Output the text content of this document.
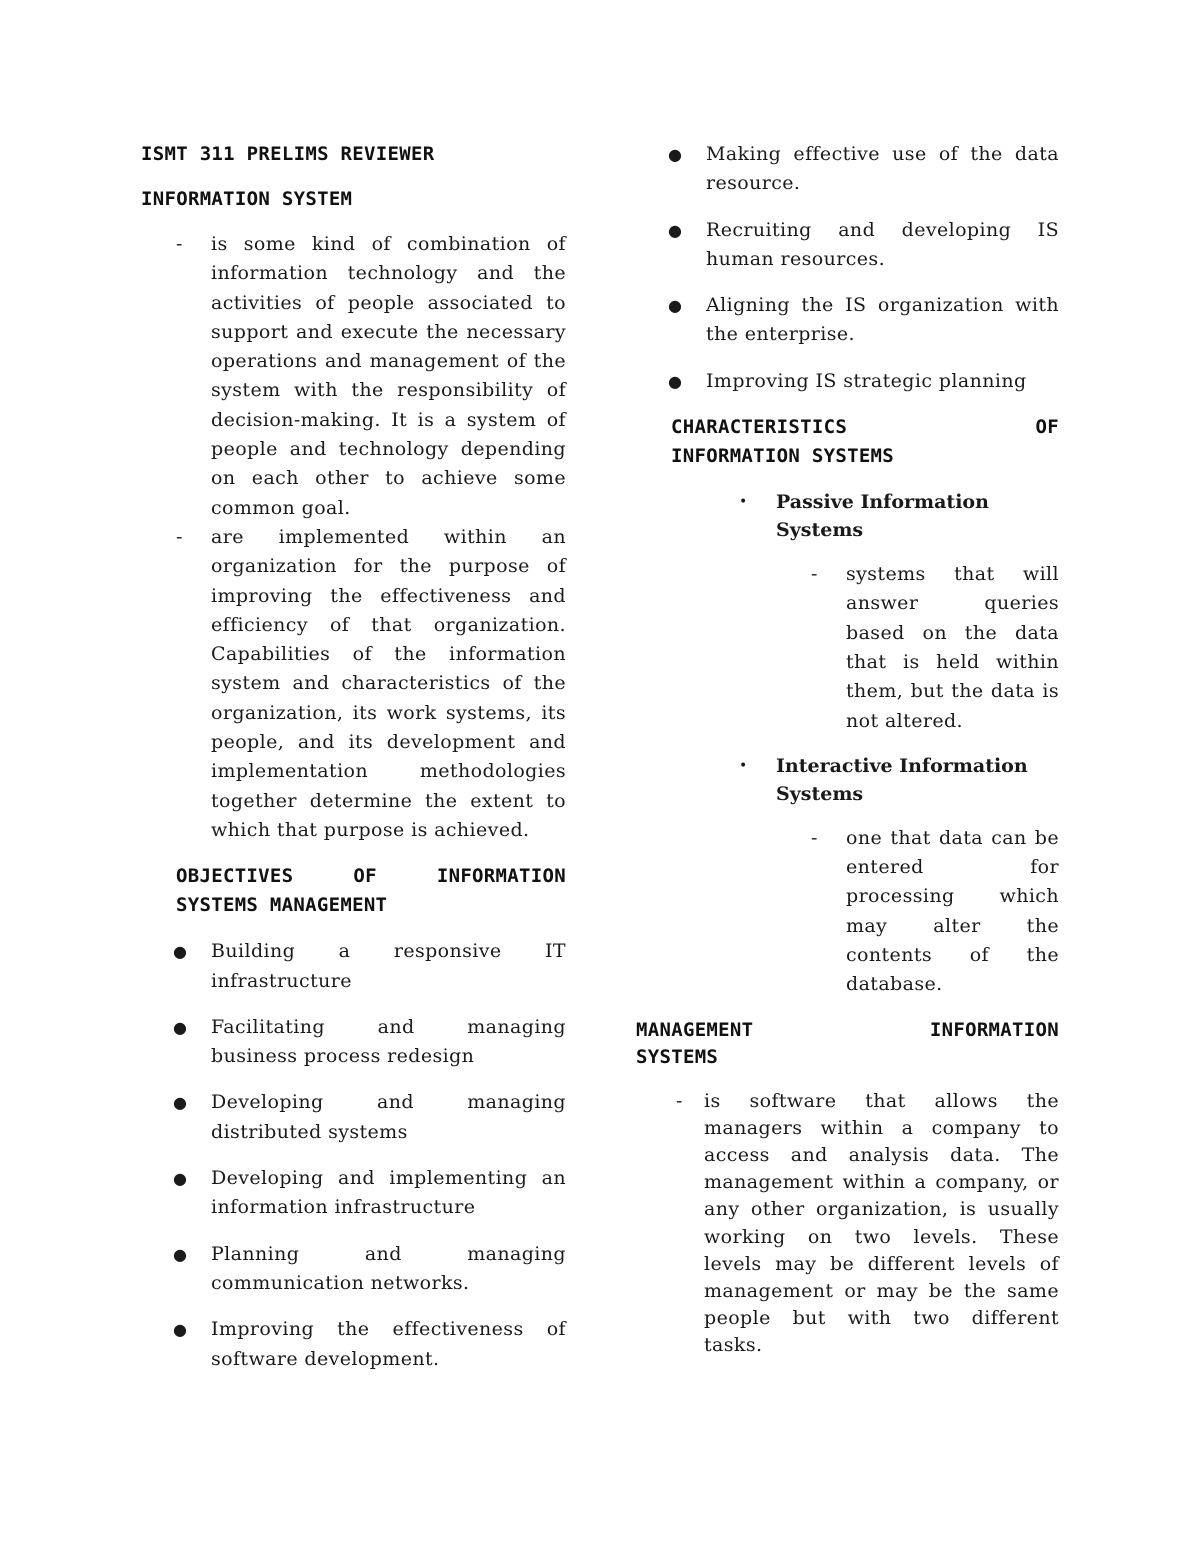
ISMT 311 PRELIMS REVIEWER
INFORMATION SYSTEM
- is some kind of combination of information technology and the activities of people associated to support and execute the necessary operations and management of the system with the responsibility of decision-making. It is a system of people and technology depending on each other to achieve some common goal.

- are implemented within an organization for the purpose of improving the effectiveness and efficiency of that organization. Capabilities of the information system and characteristics of the organization, its work systems, its people, and its development and implementation methodologies together determine the extent to which that purpose is achieved.

OBJECTIVES	OF	INFORMATION
SYSTEMS MANAGEMENT
● Building a responsive IT infrastructure

● Facilitating and managing business process redesign

● Developing and managing distributed systems

● Developing and implementing an information infrastructure

● Planning and managing communication networks.

● Improving the effectiveness of software development.

● Making effective use of the data resource.

● Recruiting and developing IS human resources.

● Aligning the IS organization with the enterprise.

● Improving IS strategic planning

CHARACTERISTICS	OF
INFORMATION SYSTEMS
• Passive Information
Systems
- systems that will answer queries based on the data that is held within them, but the data is not altered.

• Interactive Information
Systems
- one that data can be entered for processing which may alter the contents of the database.

MANAGEMENT	INFORMATION
SYSTEMS
- is software that allows the managers within a company to access and analysis data. The management within a company, or any other organization, is usually working on two levels. These levels may be different levels of management or may be the same people but with two different tasks.
